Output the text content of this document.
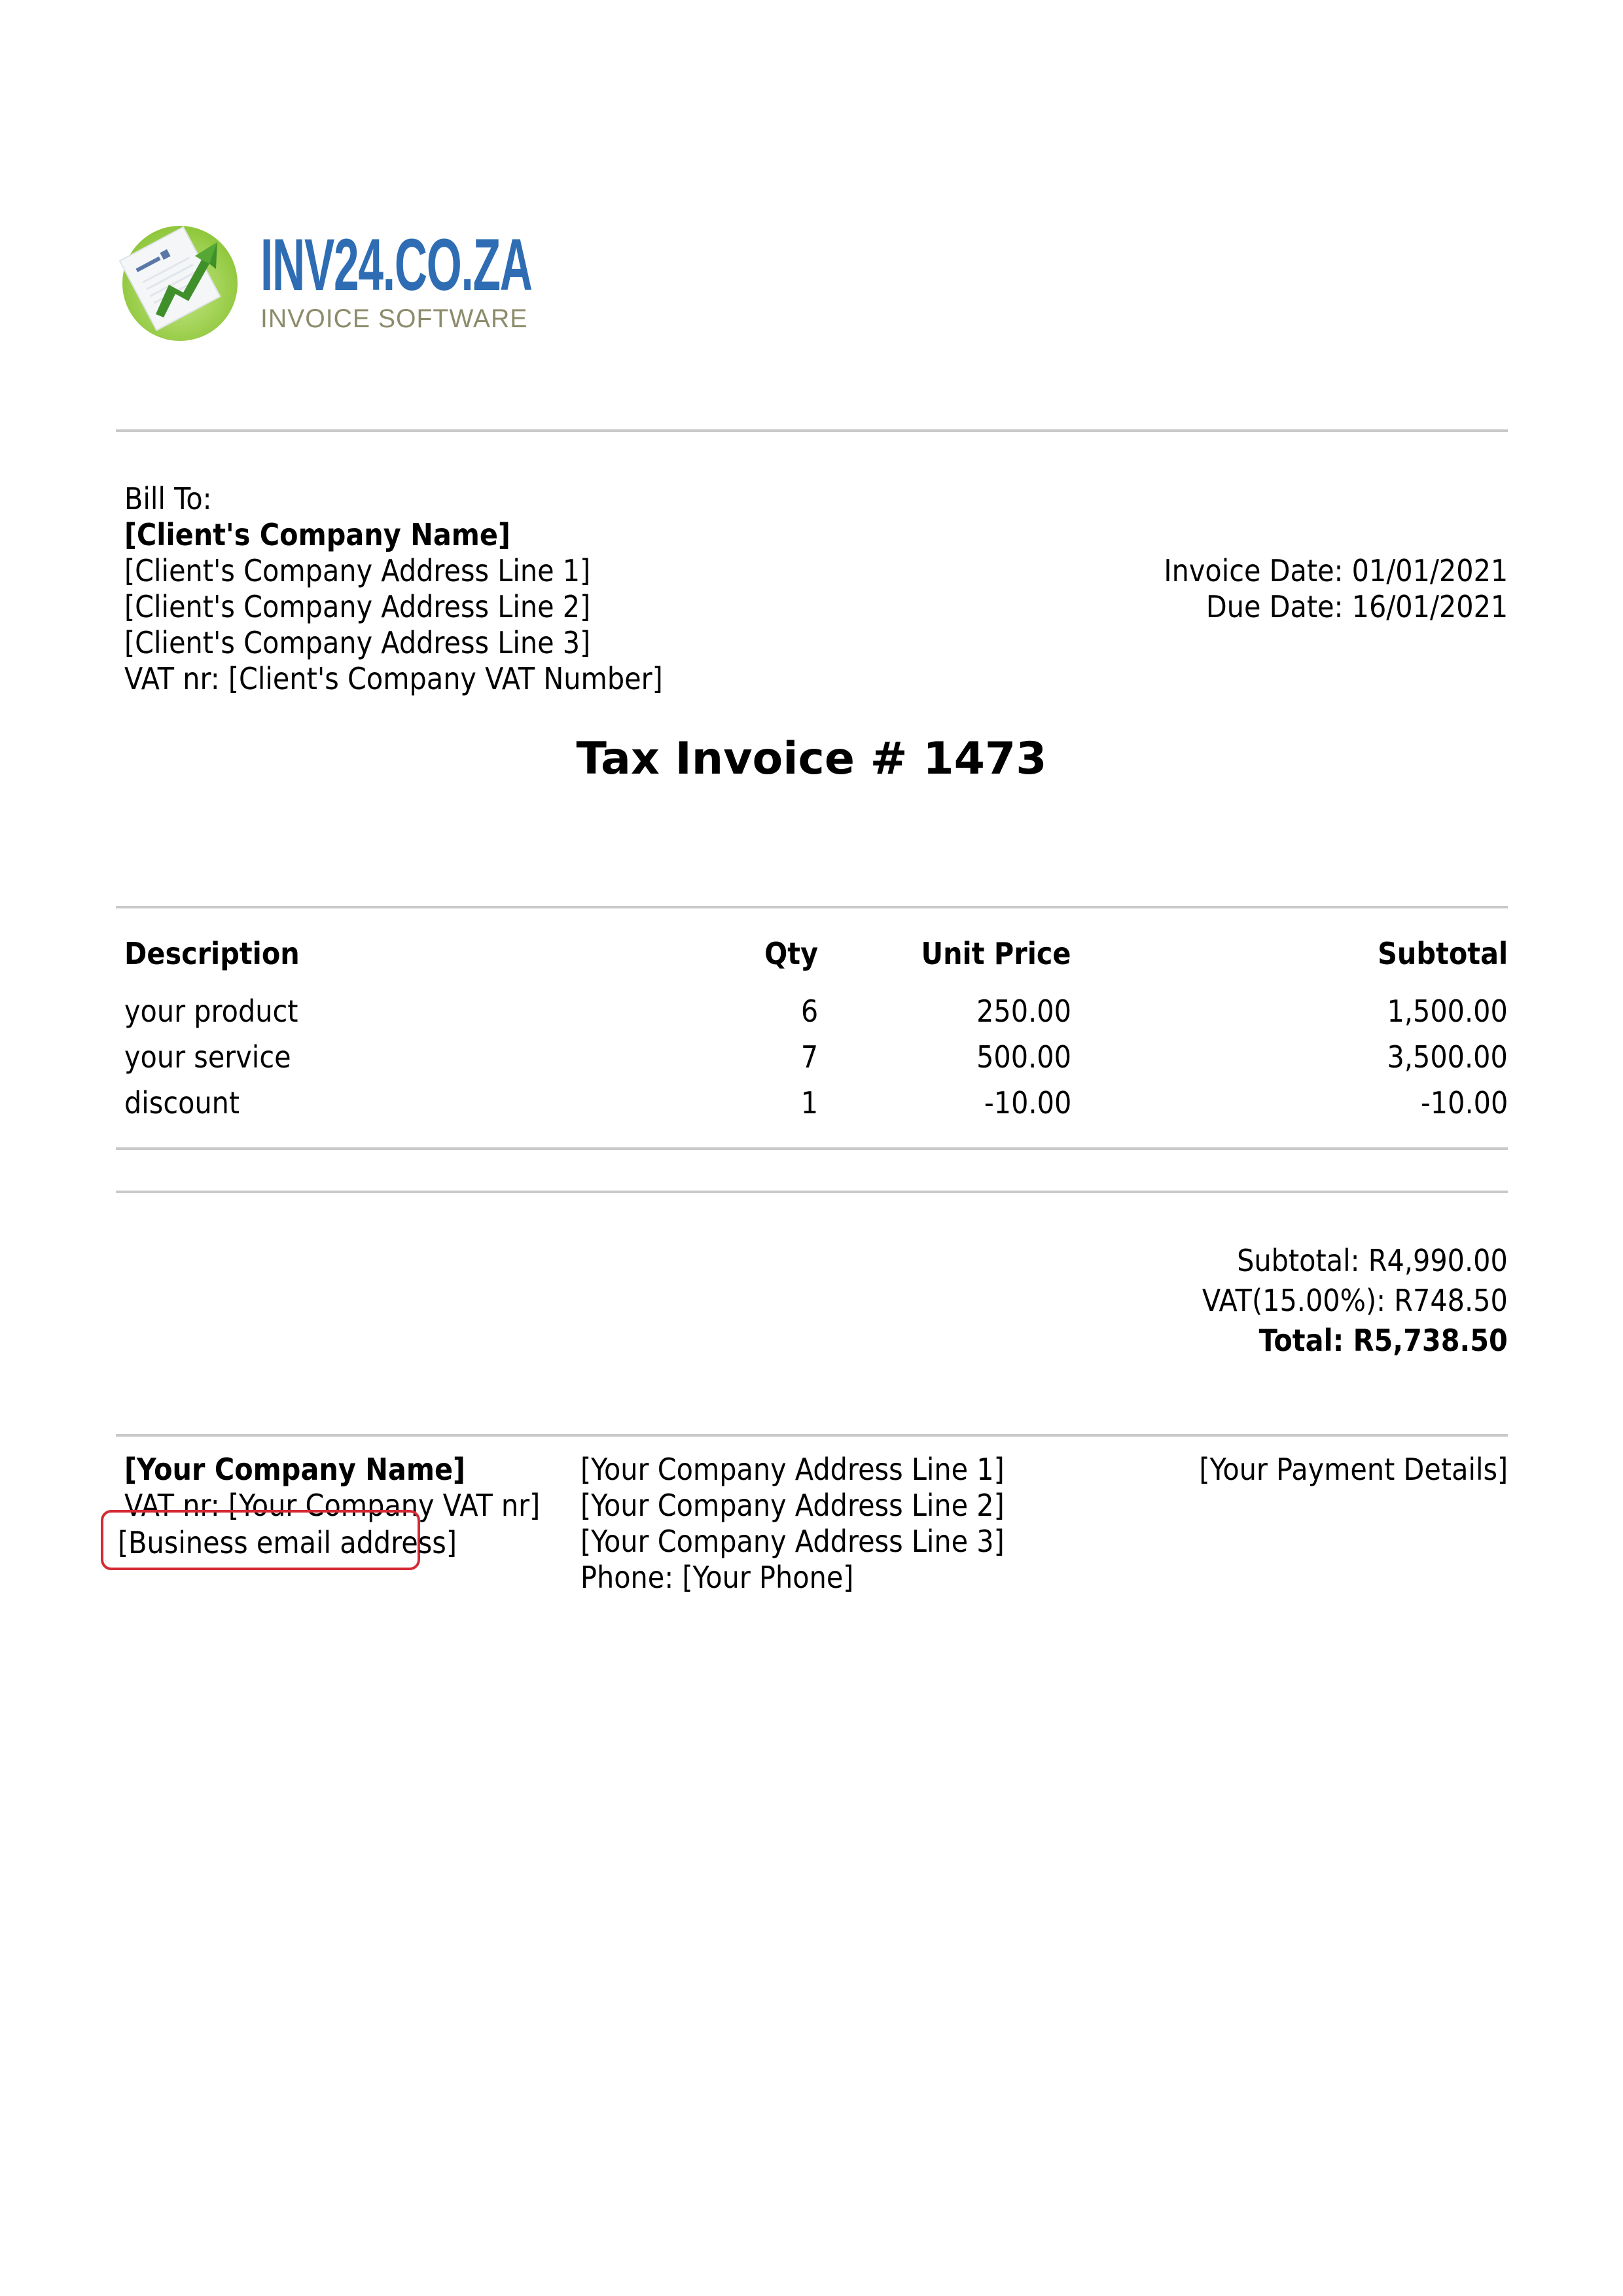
INV24.CO.ZA
INVOICE SOFTWARE
Bill To:
[Client's Company Name]
[Client's Company Address Line 1]
[Client's Company Address Line 2]
[Client's Company Address Line 3]
VAT nr: [Client's Company VAT Number]
Invoice Date: 01/01/2021
Due Date: 16/01/2021
Tax Invoice # 1473
Description	Qty	Unit Price	Subtotal
your product	6	250.00	1,500.00
your service	7	500.00	3,500.00
discount	1	-10.00	-10.00
Subtotal: R4,990.00
VAT(15.00%): R748.50
Total: R5,738.50
[Your Company Name]
VAT nr: [Your Company VAT nr]
[Business email address]
[Your Company Address Line 1]
[Your Company Address Line 2]
[Your Company Address Line 3]
Phone: [Your Phone]
[Your Payment Details]
